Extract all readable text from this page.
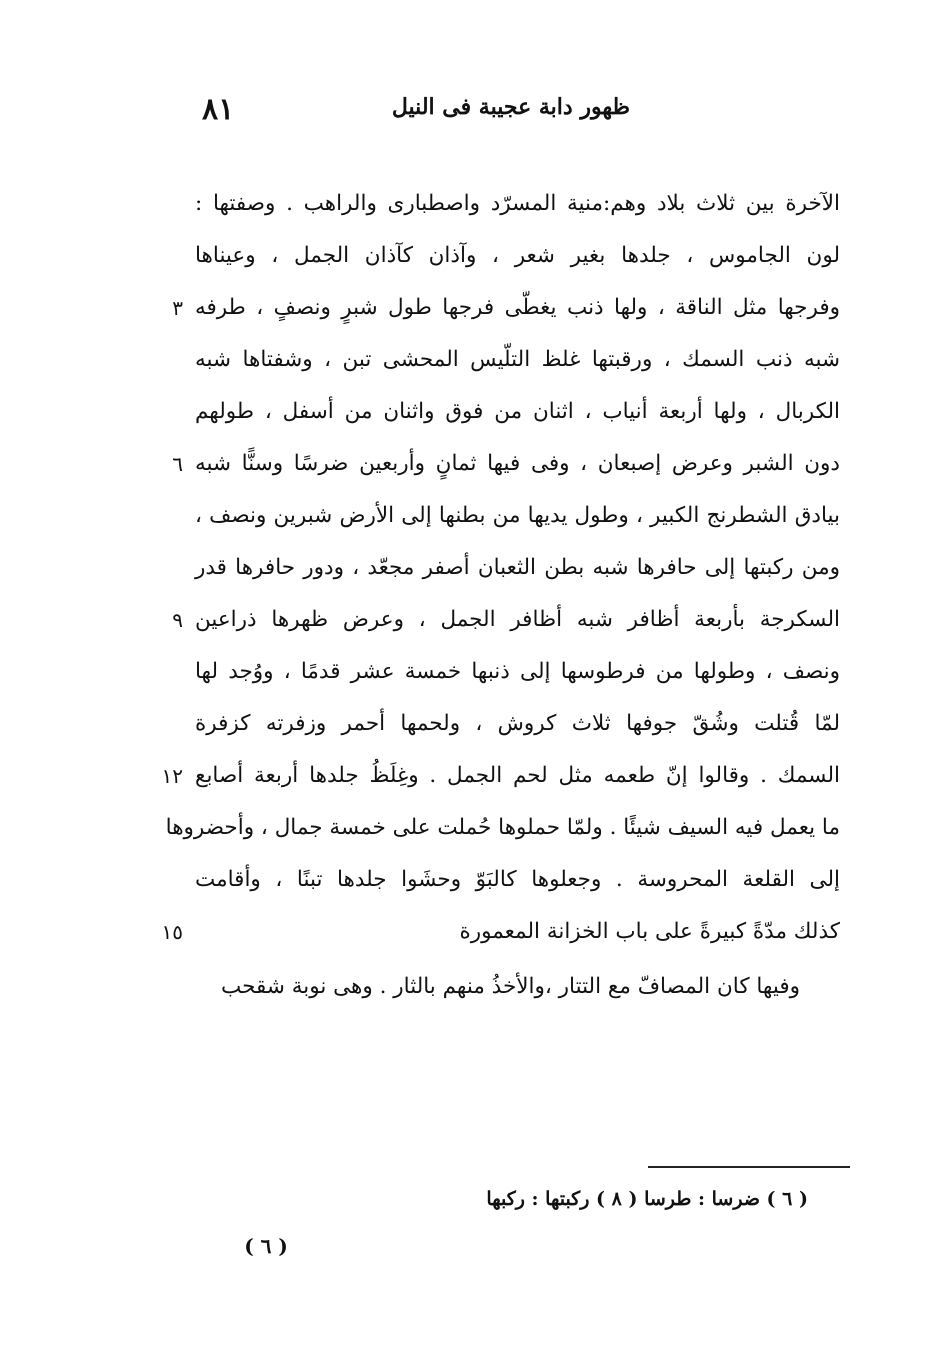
٨١	ظهور دابة عجيبة فى النيل
الآخرة بين ثلاث بلاد وهم:منية المسرّد واصطبارى والراهب . وصفتها :
لون الجاموس ، جلدها بغير شعر ، وآذان كآذان الجمل ، وعيناها
وفرجها مثل الناقة ، ولها ذنب يغطّى فرجها طول شبرٍ ونصفٍ ، طرفه
٣
شبه ذنب السمك ، ورقبتها غلظ التلّيس المحشى تبن ، وشفتاها شبه
الكربال ، ولها أربعة أنياب ، اثنان من فوق واثنان من أسفل ، طولهم
دون الشبر وعرض إصبعان ، وفى فيها ثمانٍ وأربعين ضرسًا وسنًّا شبه
٦
بيادق الشطرنج الكبير ، وطول يديها من بطنها إلى الأرض شبرين ونصف ،
ومن ركبتها إلى حافرها شبه بطن الثعبان أصفر مجعّد ، ودور حافرها قدر
السكرجة بأربعة أظافر شبه أظافر الجمل ، وعرض ظهرها ذراعين
٩
ونصف ، وطولها من فرطوسها إلى ذنبها خمسة عشر قدمًا ، ووُجد لها
لمّا قُتلت وشُقّ جوفها ثلاث كروش ، ولحمها أحمر وزفرته كزفرة
السمك . وقالوا إنّ طعمه مثل لحم الجمل . وغِلَظُ جلدها أربعة أصابع
١٢
ما يعمل فيه السيف شيئًا . ولمّا حملوها حُملت على خمسة جمال ، وأحضروها
إلى القلعة المحروسة . وجعلوها كالبَوّ وحشَوا جلدها تبنًا ، وأقامت
كذلك مدّةً كبيرةً على باب الخزانة المعمورة
١٥
وفيها كان المصافّ مع التتار ،والأخذُ منهم بالثار . وهى نوبة شقحب
( ٦ ) ضرسا : طرسا ( ٨ ) ركبتها : ركبها
( ٦ )
